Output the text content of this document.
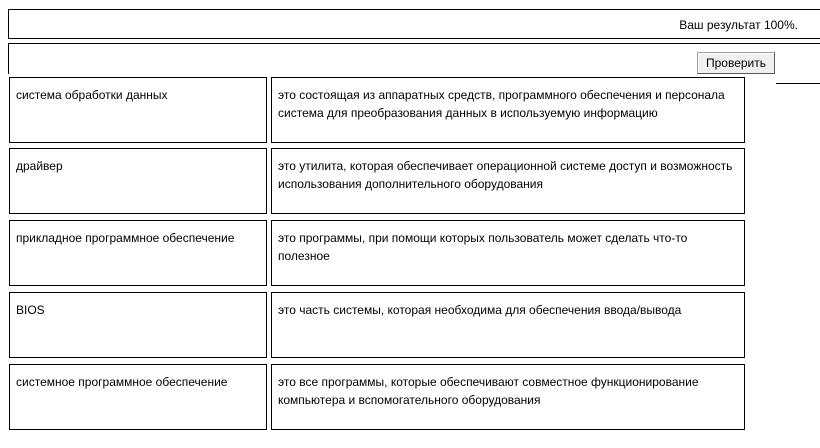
Ваш результат 100%.
Проверить
система обработки данных	это состоящая из аппаратных средств, программного обеспечения и персонала система для преобразования данных в используемую информацию
драйвер	это утилита, которая обеспечивает операционной системе доступ и возможность использования дополнительного оборудования
прикладное программное обеспечение	это программы, при помощи которых пользователь может сделать что-то полезное
BIOS	это часть системы, которая необходима для обеспечения ввода/вывода
системное программное обеспечение	это все программы, которые обеспечивают совместное функционирование компьютера и вспомогательного оборудования
